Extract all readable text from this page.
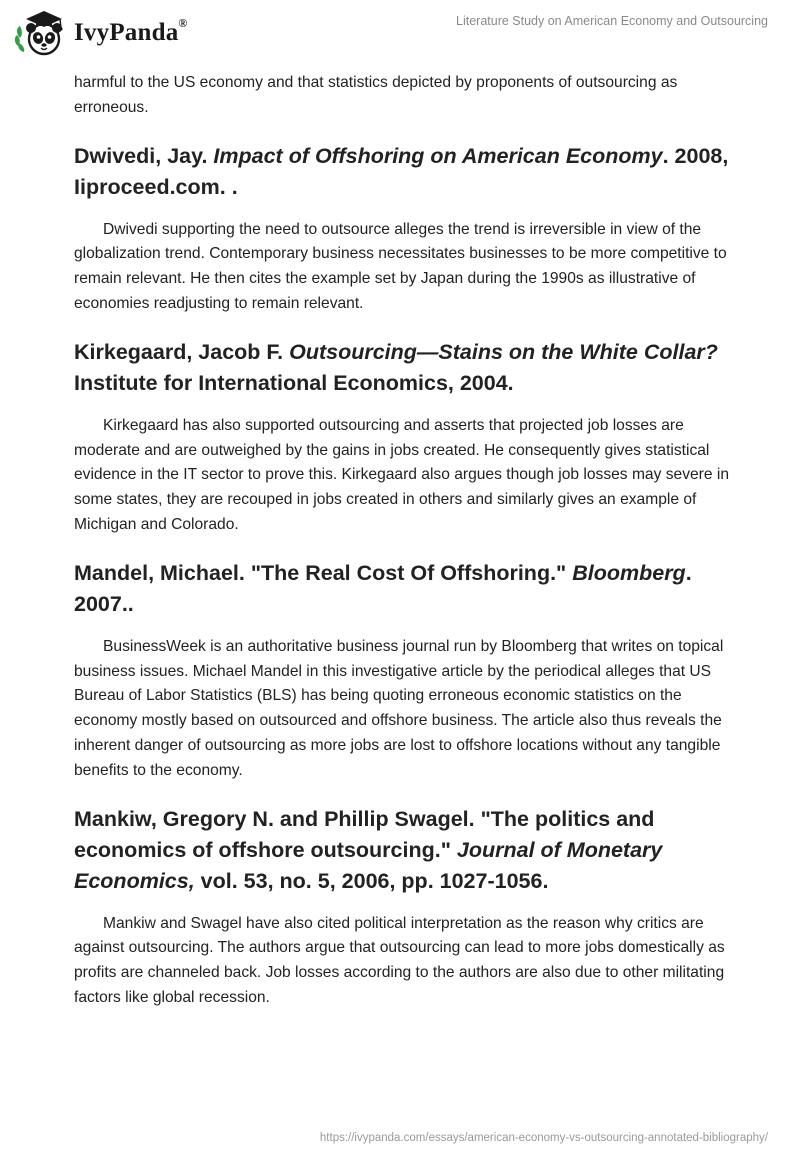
IvyPanda®	Literature Study on American Economy and Outsourcing

harmful to the US economy and that statistics depicted by proponents of outsourcing as erroneous.

Dwivedi, Jay. Impact of Offshoring on American Economy. 2008, Iiproceed.com. .

Dwivedi supporting the need to outsource alleges the trend is irreversible in view of the globalization trend. Contemporary business necessitates businesses to be more competitive to remain relevant. He then cites the example set by Japan during the 1990s as illustrative of economies readjusting to remain relevant.

Kirkegaard, Jacob F. Outsourcing—Stains on the White Collar? Institute for International Economics, 2004.

Kirkegaard has also supported outsourcing and asserts that projected job losses are moderate and are outweighed by the gains in jobs created. He consequently gives statistical evidence in the IT sector to prove this. Kirkegaard also argues though job losses may severe in some states, they are recouped in jobs created in others and similarly gives an example of Michigan and Colorado.

Mandel, Michael. "The Real Cost Of Offshoring." Bloomberg. 2007..

BusinessWeek is an authoritative business journal run by Bloomberg that writes on topical business issues. Michael Mandel in this investigative article by the periodical alleges that US Bureau of Labor Statistics (BLS) has being quoting erroneous economic statistics on the economy mostly based on outsourced and offshore business. The article also thus reveals the inherent danger of outsourcing as more jobs are lost to offshore locations without any tangible benefits to the economy.

Mankiw, Gregory N. and Phillip Swagel. "The politics and economics of offshore outsourcing." Journal of Monetary Economics, vol. 53, no. 5, 2006, pp. 1027-1056.

Mankiw and Swagel have also cited political interpretation as the reason why critics are against outsourcing. The authors argue that outsourcing can lead to more jobs domestically as profits are channeled back. Job losses according to the authors are also due to other militating factors like global recession.

https://ivypanda.com/essays/american-economy-vs-outsourcing-annotated-bibliography/
